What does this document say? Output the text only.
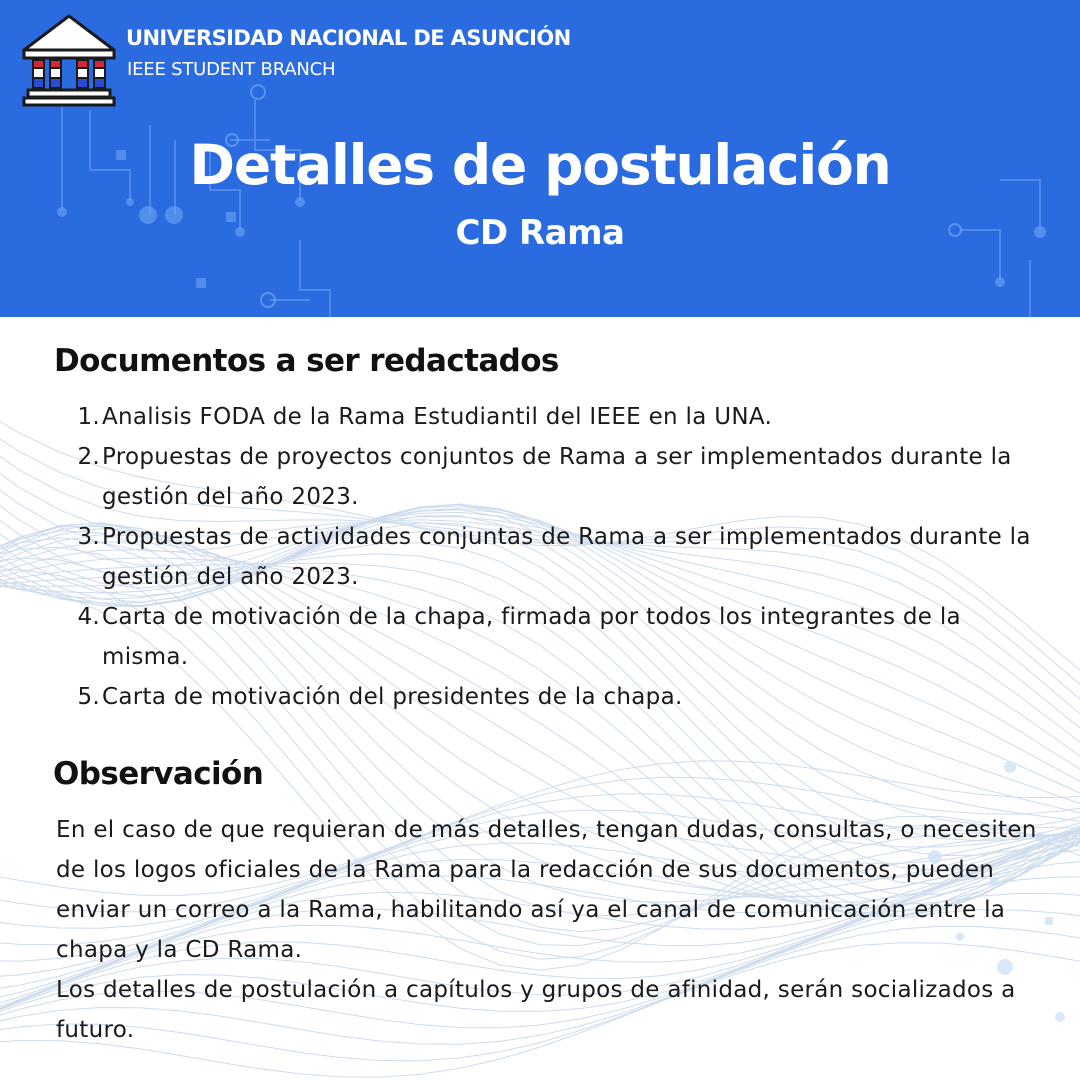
UNIVERSIDAD NACIONAL DE ASUNCIÓN
IEEE STUDENT BRANCH
Detalles de postulación
CD Rama
Documentos a ser redactados
1. Analisis FODA de la Rama Estudiantil del IEEE en la UNA.
2. Propuestas de proyectos conjuntos de Rama a ser implementados durante la gestión del año 2023.
3. Propuestas de actividades conjuntas de Rama a ser implementados durante la gestión del año 2023.
4. Carta de motivación de la chapa, firmada por todos los integrantes de la misma.
5. Carta de motivación del presidentes de la chapa.
Observación

En el caso de que requieran de más detalles, tengan dudas, consultas, o necesiten de los logos oficiales de la Rama para la redacción de sus documentos, pueden enviar un correo a la Rama, habilitando así ya el canal de comunicación entre la chapa y la CD Rama.

Los detalles de postulación a capítulos y grupos de afinidad, serán socializados a futuro.
